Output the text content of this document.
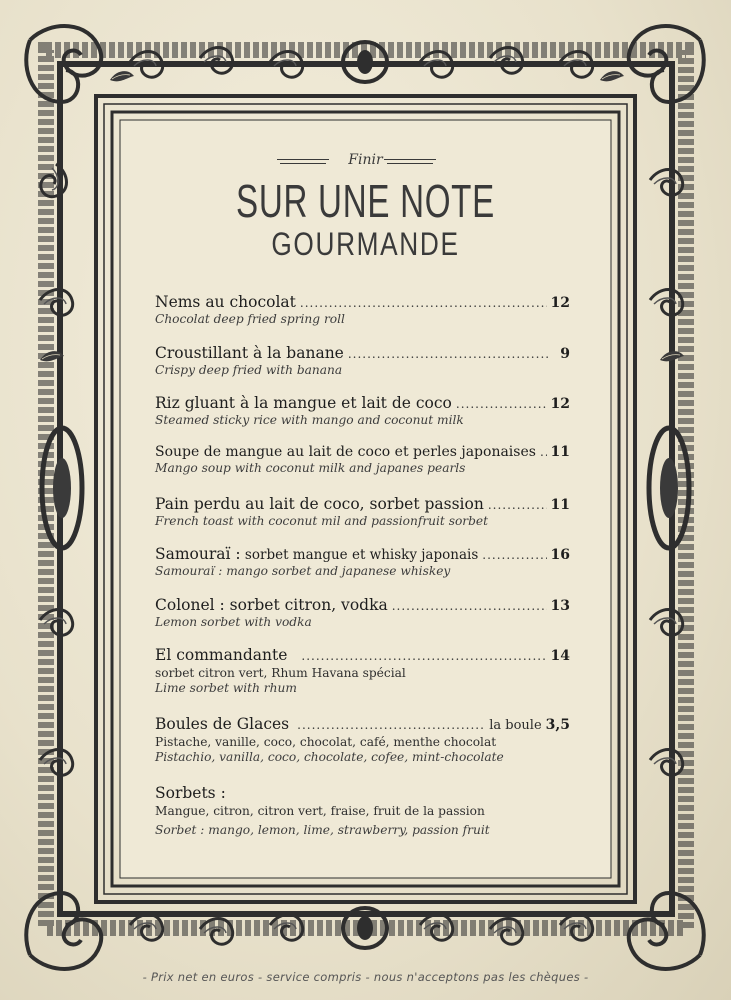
Finir
SUR UNE NOTE
GOURMANDE
Nems au chocolat .....	12
Chocolat deep fried spring roll
Croustillant à la banane .....	9
Crispy deep fried with banana
Riz gluant à la mangue et lait de coco .....	12
Steamed sticky rice with mango and coconut milk
Soupe de mangue au lait de coco et perles japonaises ..... 11
Mango soup with coconut milk and japanes pearls
Pain perdu au lait de coco, sorbet passion .....	11
French toast with coconut mil and passionfruit sorbet
Samouraï : sorbet mangue et whisky japonais .....	16
Samouraï : mango sorbet and japanese whiskey
Colonel : sorbet citron, vodka .....	13
Lemon sorbet with vodka
El commandante .....	14
sorbet citron vert, Rhum Havana spécial
Lime sorbet with rhum
Boules de Glaces .....	la boule 3,5
Pistache, vanille, coco, chocolat, café, menthe chocolat
Pistachio, vanilla, coco, chocolate, cofee, mint-chocolate
Sorbets :
Mangue, citron, citron vert, fraise, fruit de la passion
Sorbet : mango, lemon, lime, strawberry, passion fruit
- Prix net en euros - service compris - nous n'acceptons pas les chèques -
